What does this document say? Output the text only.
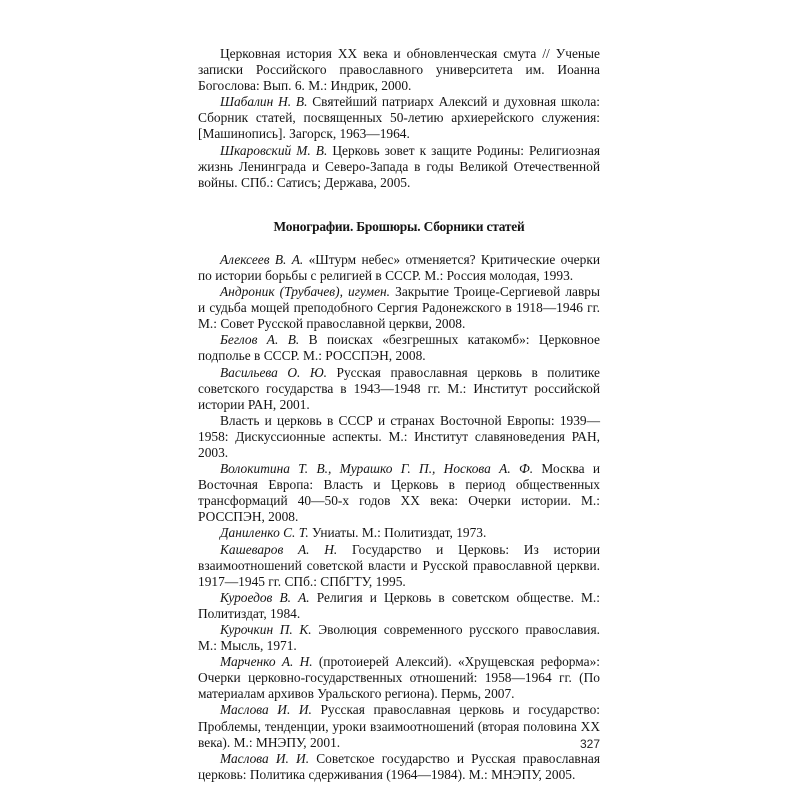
Церковная история XX века и обновленческая смута // Ученые записки Российского православного университета им. Иоанна Богослова: Вып. 6. М.: Индрик, 2000.

Шабалин Н. В. Святейший патриарх Алексий и духовная школа: Сборник статей, посвященных 50-летию архиерейского служения: [Машинопись]. Загорск, 1963—1964.

Шкаровский М. В. Церковь зовет к защите Родины: Религиозная жизнь Ленинграда и Северо-Запада в годы Великой Отечественной войны. СПб.: Сатисъ; Держава, 2005.

Монографии. Брошюры. Сборники статей

Алексеев В. А. «Штурм небес» отменяется? Критические очерки по истории борьбы с религией в СССР. М.: Россия молодая, 1993.

Андроник (Трубачев), игумен. Закрытие Троице-Сергиевой лавры и судьба мощей преподобного Сергия Радонежского в 1918—1946 гг. М.: Совет Русской православной церкви, 2008.

Беглов А. В. В поисках «безгрешных катакомб»: Церковное подполье в СССР. М.: РОССПЭН, 2008.

Васильева О. Ю. Русская православная церковь в политике советского государства в 1943—1948 гг. М.: Институт российской истории РАН, 2001.

Власть и церковь в СССР и странах Восточной Европы: 1939—1958: Дискуссионные аспекты. М.: Институт славяноведения РАН, 2003.

Волокитина Т. В., Мурашко Г. П., Носкова А. Ф. Москва и Восточная Европа: Власть и Церковь в период общественных трансформаций 40—50-х годов XX века: Очерки истории. М.: РОССПЭН, 2008.

Даниленко С. Т. Униаты. М.: Политиздат, 1973.

Кашеваров А. Н. Государство и Церковь: Из истории взаимоотношений советской власти и Русской православной церкви. 1917—1945 гг. СПб.: СПбГТУ, 1995.

Куроедов В. А. Религия и Церковь в советском обществе. М.: Политиздат, 1984.

Курочкин П. К. Эволюция современного русского православия. М.: Мысль, 1971.

Марченко А. Н. (протоиерей Алексий). «Хрущевская реформа»: Очерки церковно-государственных отношений: 1958—1964 гг. (По материалам архивов Уральского региона). Пермь, 2007.

Маслова И. И. Русская православная церковь и государство: Проблемы, тенденции, уроки взаимоотношений (вторая половина XX века). М.: МНЭПУ, 2001.

Маслова И. И. Советское государство и Русская православная церковь: Политика сдерживания (1964—1984). М.: МНЭПУ, 2005.

327
